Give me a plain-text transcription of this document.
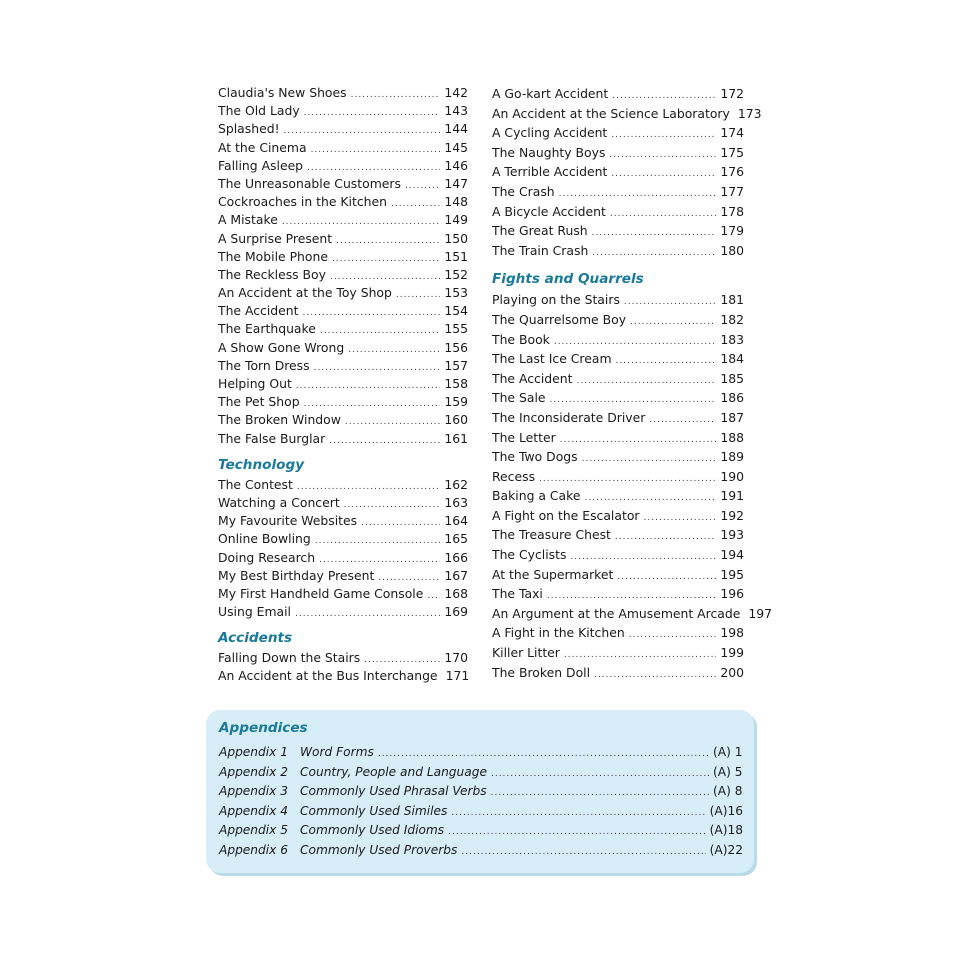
Claudia's New Shoes .....	142
The Old Lady .....	143
Splashed! .....	144
At the Cinema .....	145
Falling Asleep .....	146
The Unreasonable Customers .....	147
Cockroaches in the Kitchen .....	148
A Mistake .....	149
A Surprise Present .....	150
The Mobile Phone .....	151
The Reckless Boy .....	152
An Accident at the Toy Shop .....	153
The Accident .....	154
The Earthquake .....	155
A Show Gone Wrong .....	156
The Torn Dress .....	157
Helping Out .....	158
The Pet Shop .....	159
The Broken Window .....	160
The False Burglar .....	161
Technology
The Contest .....	162
Watching a Concert .....	163
My Favourite Websites .....	164
Online Bowling .....	165
Doing Research .....	166
My Best Birthday Present .....	167
My First Handheld Game Console ..... 168
Using Email .....	169
Accidents
Falling Down the Stairs .....	170
An Accident at the Bus Interchange 171
A Go-kart Accident .....	172
An Accident at the Science Laboratory 173
A Cycling Accident .....	174
The Naughty Boys .....	175
A Terrible Accident .....	176
The Crash .....	177
A Bicycle Accident .....	178
The Great Rush .....	179
The Train Crash .....	180
Fights and Quarrels
Playing on the Stairs .....	181
The Quarrelsome Boy .....	182
The Book .....	183
The Last Ice Cream .....	184
The Accident .....	185
The Sale .....	186
The Inconsiderate Driver .....	187
The Letter .....	188
The Two Dogs .....	189
Recess .....	190
Baking a Cake .....	191
A Fight on the Escalator .....	192
The Treasure Chest .....	193
The Cyclists .....	194
At the Supermarket .....	195
The Taxi .....	196
An Argument at the Amusement Arcade 197
A Fight in the Kitchen .....	198
Killer Litter .....	199
The Broken Doll .....	200
Appendices
Appendix 1 Word Forms .....	(A) 1
Appendix 2 Country, People and Language .....	(A) 5
Appendix 3 Commonly Used Phrasal Verbs .....	(A) 8
Appendix 4 Commonly Used Similes .....	(A)16
Appendix 5 Commonly Used Idioms .....	(A)18
Appendix 6 Commonly Used Proverbs .....	(A)22
